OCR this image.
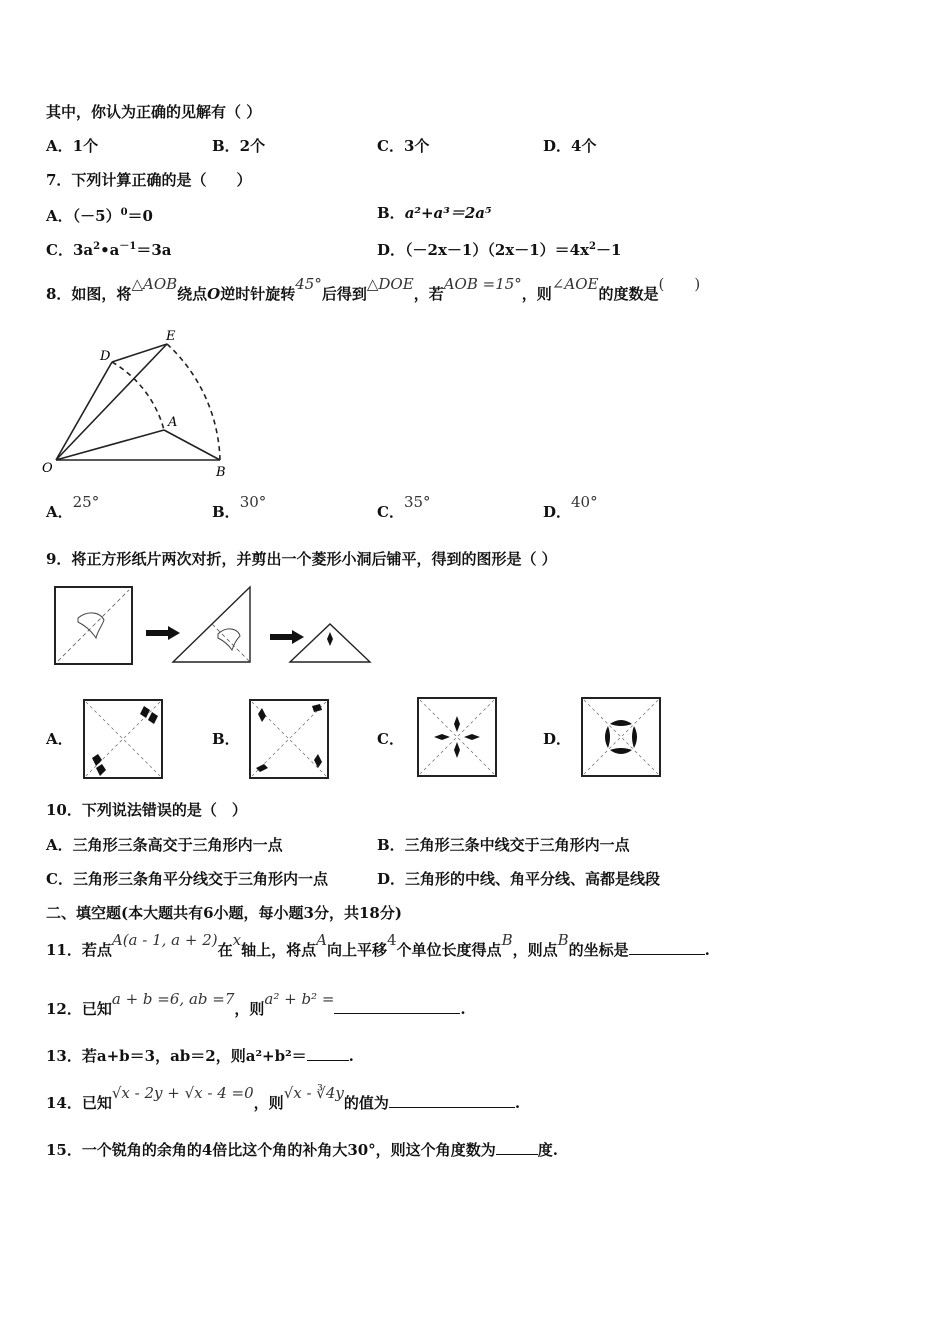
其中，你认为正确的见解有（ ）
A．1个	B．2个	C．3个	D．4个
7．下列计算正确的是（　　）
A．$(-5)^0=0$	B．a²+a³＝2a⁵
C．$3a^2•a^{-1}=3a$	D．$(-2x-1)(2x-1)=4x^2-1$
8．如图，将△AOB绕点O逆时针旋转45°后得到△DOE，若AOB =15°，则∠AOE的度数是(　　)
D
E
A
O	B
A．25°
B．30°
C．35°
D．40°
9．将正方形纸片两次对折，并剪出一个菱形小洞后铺平，得到的图形是（ ）
A．	B．	C．	D．
10．下列说法错误的是（　）
A．三角形三条高交于三角形内一点	B．三角形三条中线交于三角形内一点
C．三角形三条角平分线交于三角形内一点	D．三角形的中线、角平分线、高都是线段
二、填空题(本大题共有6小题，每小题3分，共18分)
11．若点A(a - 1, a + 2)在x轴上，将点A向上平移4个单位长度得点B，则点B的坐标是	.
12．已知a + b =6, ab =7，则a² + b² =.
13．若a+b＝3，ab＝2，则a²+b²＝	.
14．已知√x - 2y + √x - 4 =0，则√x - ∛4y的值为	.
15．一个锐角的余角的4倍比这个角的补角大30°，则这个角度数为	度.
